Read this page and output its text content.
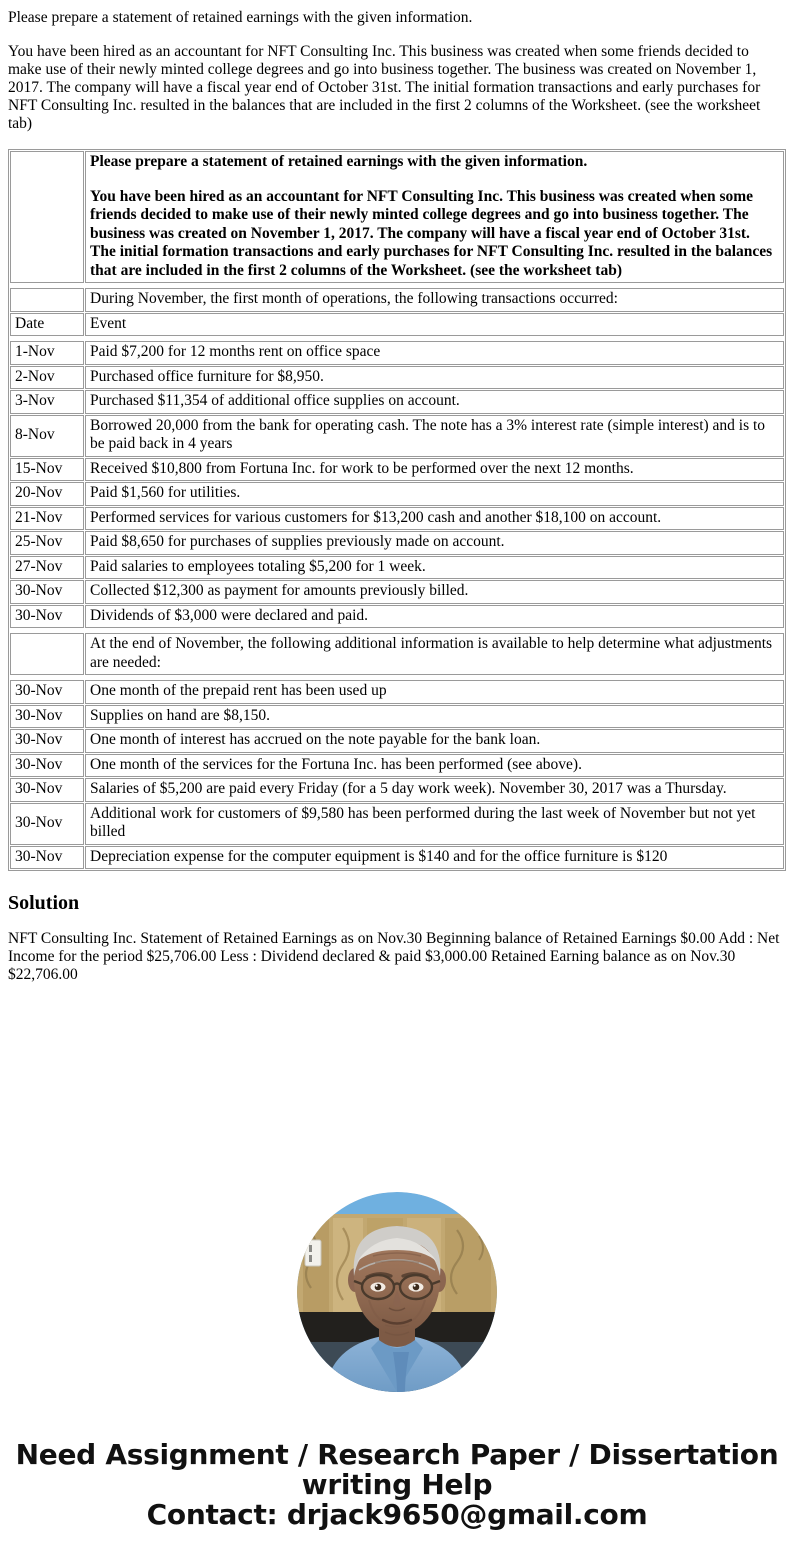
Please prepare a statement of retained earnings with the given information.

You have been hired as an accountant for NFT Consulting Inc. This business was created when some friends decided to make use of their newly minted college degrees and go into business together. The business was created on November 1, 2017. The company will have a fiscal year end of October 31st. The initial formation transactions and early purchases for NFT Consulting Inc. resulted in the balances that are included in the first 2 columns of the Worksheet. (see the worksheet tab)

Please prepare a statement of retained earnings with the given information.

You have been hired as an accountant for NFT Consulting Inc. This business was created when some friends decided to make use of their newly minted college degrees and go into business together. The business was created on November 1, 2017. The company will have a fiscal year end of October 31st. The initial formation transactions and early purchases for NFT Consulting Inc. resulted in the balances that are included in the first 2 columns of the Worksheet. (see the worksheet tab)

	During November, the first month of operations, the following transactions occurred:
Date	Event

1-Nov	Paid $7,200 for 12 months rent on office space
2-Nov	Purchased office furniture for $8,950.
3-Nov	Purchased $11,354 of additional office supplies on account.
8-Nov	Borrowed 20,000 from the bank for operating cash. The note has a 3% interest rate (simple interest) and is to be paid back in 4 years
15-Nov	Received $10,800 from Fortuna Inc. for work to be performed over the next 12 months.
20-Nov	Paid $1,560 for utilities.
21-Nov	Performed services for various customers for $13,200 cash and another $18,100 on account.
25-Nov	Paid $8,650 for purchases of supplies previously made on account.
27-Nov	Paid salaries to employees totaling $5,200 for 1 week.
30-Nov	Collected $12,300 as payment for amounts previously billed.
30-Nov	Dividends of $3,000 were declared and paid.

	At the end of November, the following additional information is available to help determine what adjustments are needed:

30-Nov	One month of the prepaid rent has been used up
30-Nov	Supplies on hand are $8,150.
30-Nov	One month of interest has accrued on the note payable for the bank loan.
30-Nov	One month of the services for the Fortuna Inc. has been performed (see above).
30-Nov	Salaries of $5,200 are paid every Friday (for a 5 day work week). November 30, 2017 was a Thursday.
30-Nov	Additional work for customers of $9,580 has been performed during the last week of November but not yet billed
30-Nov	Depreciation expense for the computer equipment is $140 and for the office furniture is $120
Solution

NFT Consulting Inc. Statement of Retained Earnings as on Nov.30 Beginning balance of Retained Earnings $0.00 Add : Net Income for the period $25,706.00 Less : Dividend declared & paid $3,000.00 Retained Earning balance as on Nov.30 $22,706.00

Need Assignment / Research Paper / Dissertation
writing Help
Contact: drjack9650@gmail.com
